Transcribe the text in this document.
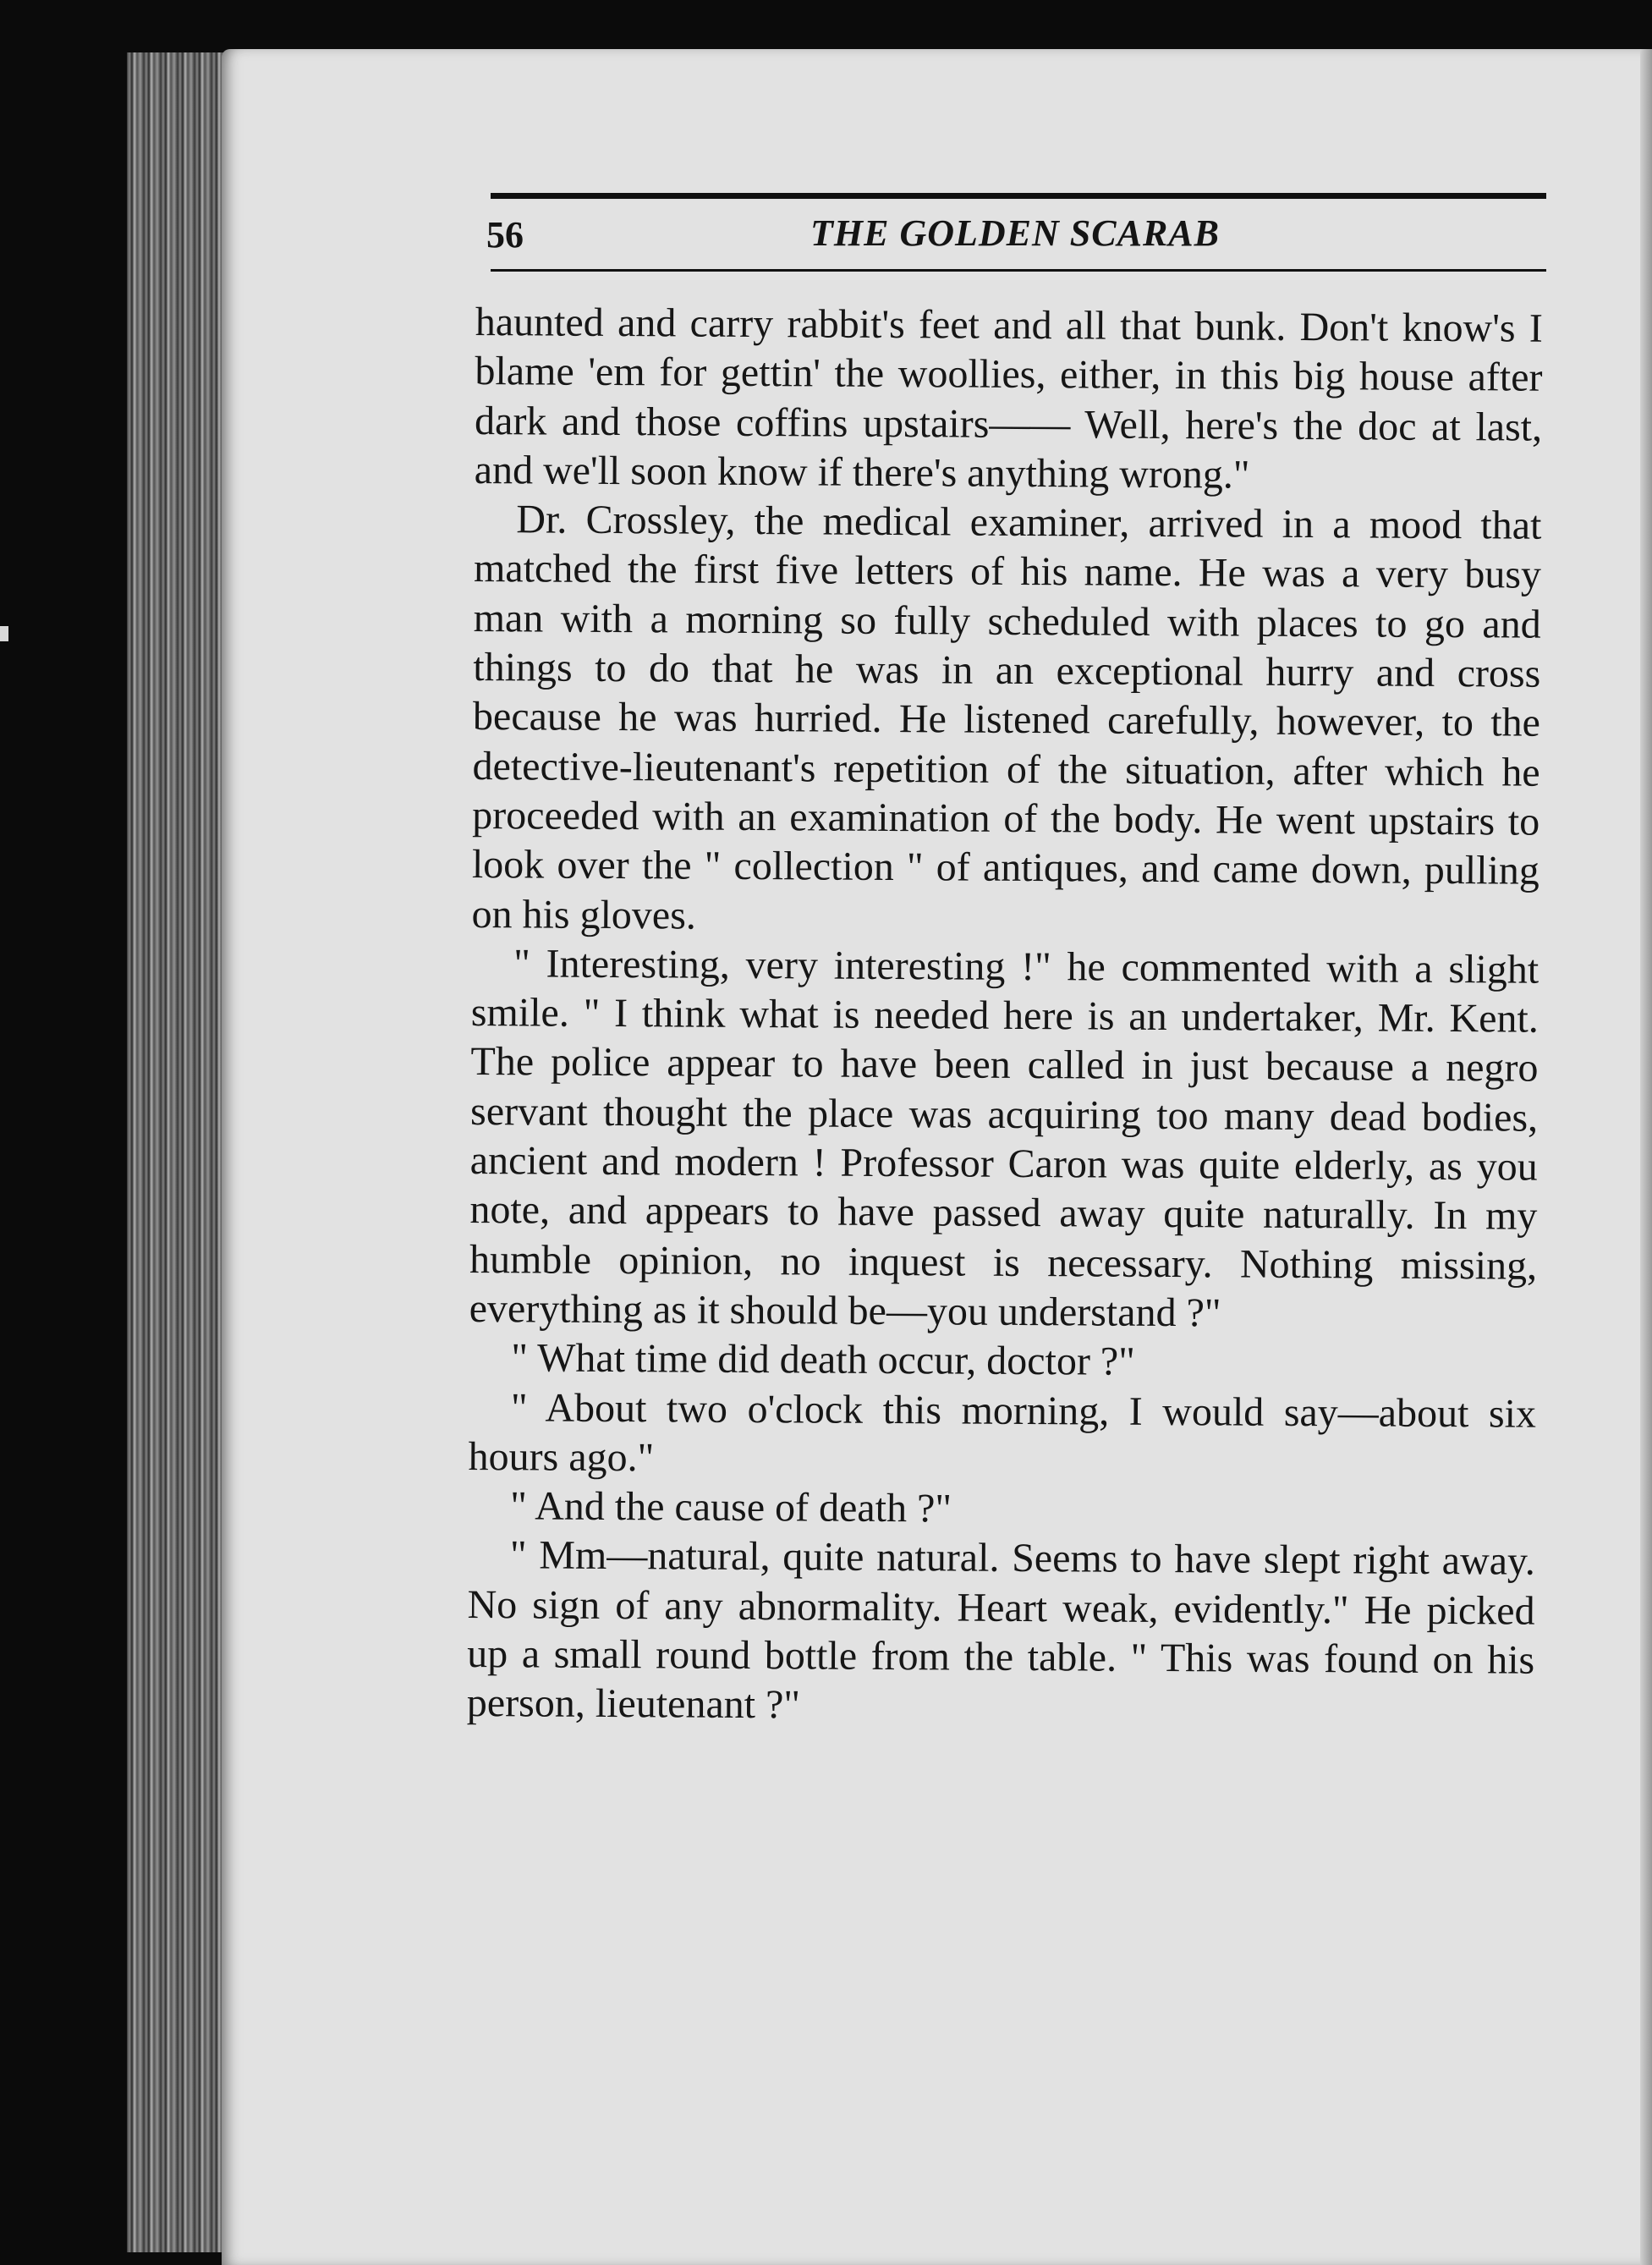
56	THE GOLDEN SCARAB

haunted and carry rabbit's feet and all that bunk. Don't know's I blame 'em for gettin' the woollies, either, in this big house after dark and those coffins upstairs—— Well, here's the doc at last, and we'll soon know if there's anything wrong."

Dr. Crossley, the medical examiner, arrived in a mood that matched the first five letters of his name. He was a very busy man with a morning so fully scheduled with places to go and things to do that he was in an exceptional hurry and cross because he was hurried. He listened carefully, however, to the detective-lieutenant's repetition of the situation, after which he proceeded with an examination of the body. He went upstairs to look over the " collection " of antiques, and came down, pulling on his gloves.

" Interesting, very interesting !" he commented with a slight smile. " I think what is needed here is an undertaker, Mr. Kent. The police appear to have been called in just because a negro servant thought the place was acquiring too many dead bodies, ancient and modern ! Professor Caron was quite elderly, as you note, and appears to have passed away quite naturally. In my humble opinion, no inquest is necessary. Nothing missing, everything as it should be—you understand ?"

" What time did death occur, doctor ?"

" About two o'clock this morning, I would say—about six hours ago."

" And the cause of death ?"

" Mm—natural, quite natural. Seems to have slept right away. No sign of any abnormality. Heart weak, evidently." He picked up a small round bottle from the table. " This was found on his person, lieutenant ?"
